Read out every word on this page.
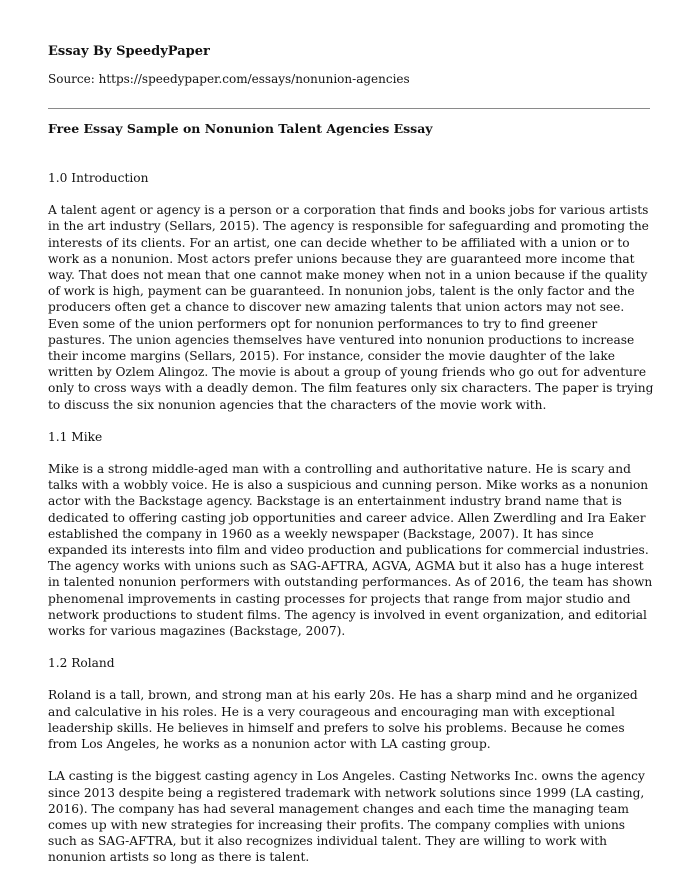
Essay By SpeedyPaper

Source: https://speedypaper.com/essays/nonunion-agencies

Free Essay Sample on Nonunion Talent Agencies Essay
1.0 Introduction

A talent agent or agency is a person or a corporation that finds and books jobs for various artists in the art industry (Sellars, 2015). The agency is responsible for safeguarding and promoting the interests of its clients. For an artist, one can decide whether to be affiliated with a union or to work as a nonunion. Most actors prefer unions because they are guaranteed more income that way. That does not mean that one cannot make money when not in a union because if the quality of work is high, payment can be guaranteed. In nonunion jobs, talent is the only factor and the producers often get a chance to discover new amazing talents that union actors may not see. Even some of the union performers opt for nonunion performances to try to find greener pastures. The union agencies themselves have ventured into nonunion productions to increase their income margins (Sellars, 2015). For instance, consider the movie daughter of the lake written by Ozlem Alingoz. The movie is about a group of young friends who go out for adventure only to cross ways with a deadly demon. The film features only six characters. The paper is trying to discuss the six nonunion agencies that the characters of the movie work with.

1.1 Mike

Mike is a strong middle-aged man with a controlling and authoritative nature. He is scary and talks with a wobbly voice. He is also a suspicious and cunning person. Mike works as a nonunion actor with the Backstage agency. Backstage is an entertainment industry brand name that is dedicated to offering casting job opportunities and career advice. Allen Zwerdling and Ira Eaker established the company in 1960 as a weekly newspaper (Backstage, 2007). It has since expanded its interests into film and video production and publications for commercial industries. The agency works with unions such as SAG-AFTRA, AGVA, AGMA but it also has a huge interest in talented nonunion performers with outstanding performances. As of 2016, the team has shown phenomenal improvements in casting processes for projects that range from major studio and network productions to student films. The agency is involved in event organization, and editorial works for various magazines (Backstage, 2007).

1.2 Roland

Roland is a tall, brown, and strong man at his early 20s. He has a sharp mind and he organized and calculative in his roles. He is a very courageous and encouraging man with exceptional leadership skills. He believes in himself and prefers to solve his problems. Because he comes from Los Angeles, he works as a nonunion actor with LA casting group.

LA casting is the biggest casting agency in Los Angeles. Casting Networks Inc. owns the agency since 2013 despite being a registered trademark with network solutions since 1999 (LA casting, 2016). The company has had several management changes and each time the managing team comes up with new strategies for increasing their profits. The company complies with unions such as SAG-AFTRA, but it also recognizes individual talent. They are willing to work with nonunion artists so long as there is talent.
